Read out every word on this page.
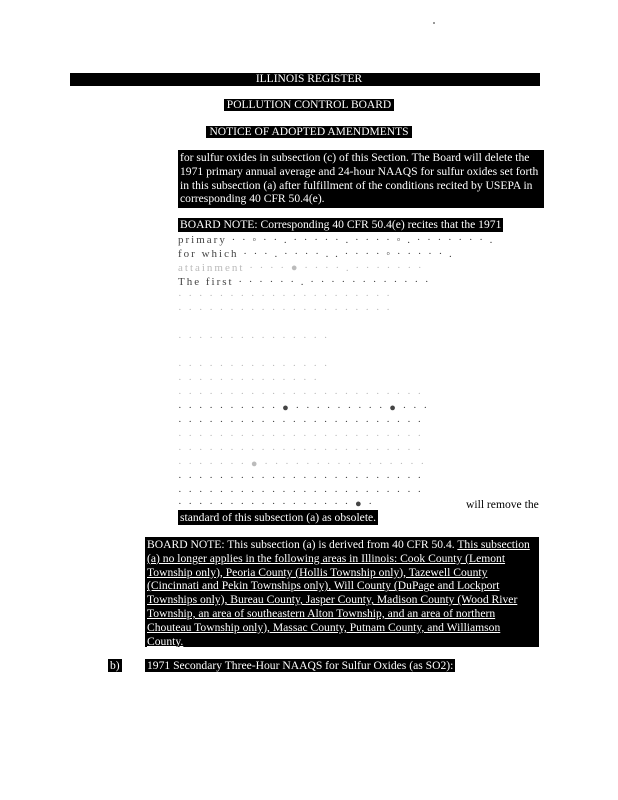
ILLINOIS REGISTER
POLLUTION CONTROL BOARD
NOTICE OF ADOPTED AMENDMENTS

for sulfur oxides in subsection (c) of this Section. The Board will delete the 1971 primary annual average and 24-hour NAAQS for sulfur oxides set forth in this subsection (a) after fulfillment of the conditions recited by USEPA in corresponding 40 CFR 50.4(e).

BOARD NOTE: Corresponding 40 CFR 50.4(e) recites that the 1971
primary · · ◦ · · . · · · · · . · · · · ◦ . · · · · · · · .
for which · · · . · · · · . . · · · · ◦ · · · · · .
attainment · · · · ● · · · · . · · · · · · ·
The first · · · · · · . · · · · · · · · · · · ·
· · · · · · · · · · · · · · · · · · · · ·
· · · · · · · · · · · · · · · · · · · · ·
· · · · · · · · · · · · · · ·
· · · · · · · · · · · · · · ·
· · · · · · · · · · · · · ·
· · · · · · · · · · · · · · · · · · · · · · · ·
· · · · · · · · · · ● · · · · · · · · · ● · · ·
· · · · · · · · · · · · · · · · · · · · · · · ·
· · · · · · · · · · · · · · · · · · · · · · · ·
· · · · · · · · · · · · · · · · · · · · · · · ·
· · · · · · · ● · · · · · · · · · · · · · · · ·
· · · · · · · · · · · · · · · · · · · · · · · ·
· · · · · · · · · · · · · · · · · · · · · · · ·
· · · · · · · · · · · · · · · · · ● ·	will remove the
standard of this subsection (a) as obsolete.

BOARD NOTE: This subsection (a) is derived from 40 CFR 50.4. This subsection (a) no longer applies in the following areas in Illinois: Cook County (Lemont Township only), Peoria County (Hollis Township only), Tazewell County (Cincinnati and Pekin Townships only), Will County (DuPage and Lockport Townships only), Bureau County, Jasper County, Madison County (Wood River Township, an area of southeastern Alton Township, and an area of northern Chouteau Township only), Massac County, Putnam County, and Williamson County.

b) 1971 Secondary Three-Hour NAAQS for Sulfur Oxides (as SO2):
